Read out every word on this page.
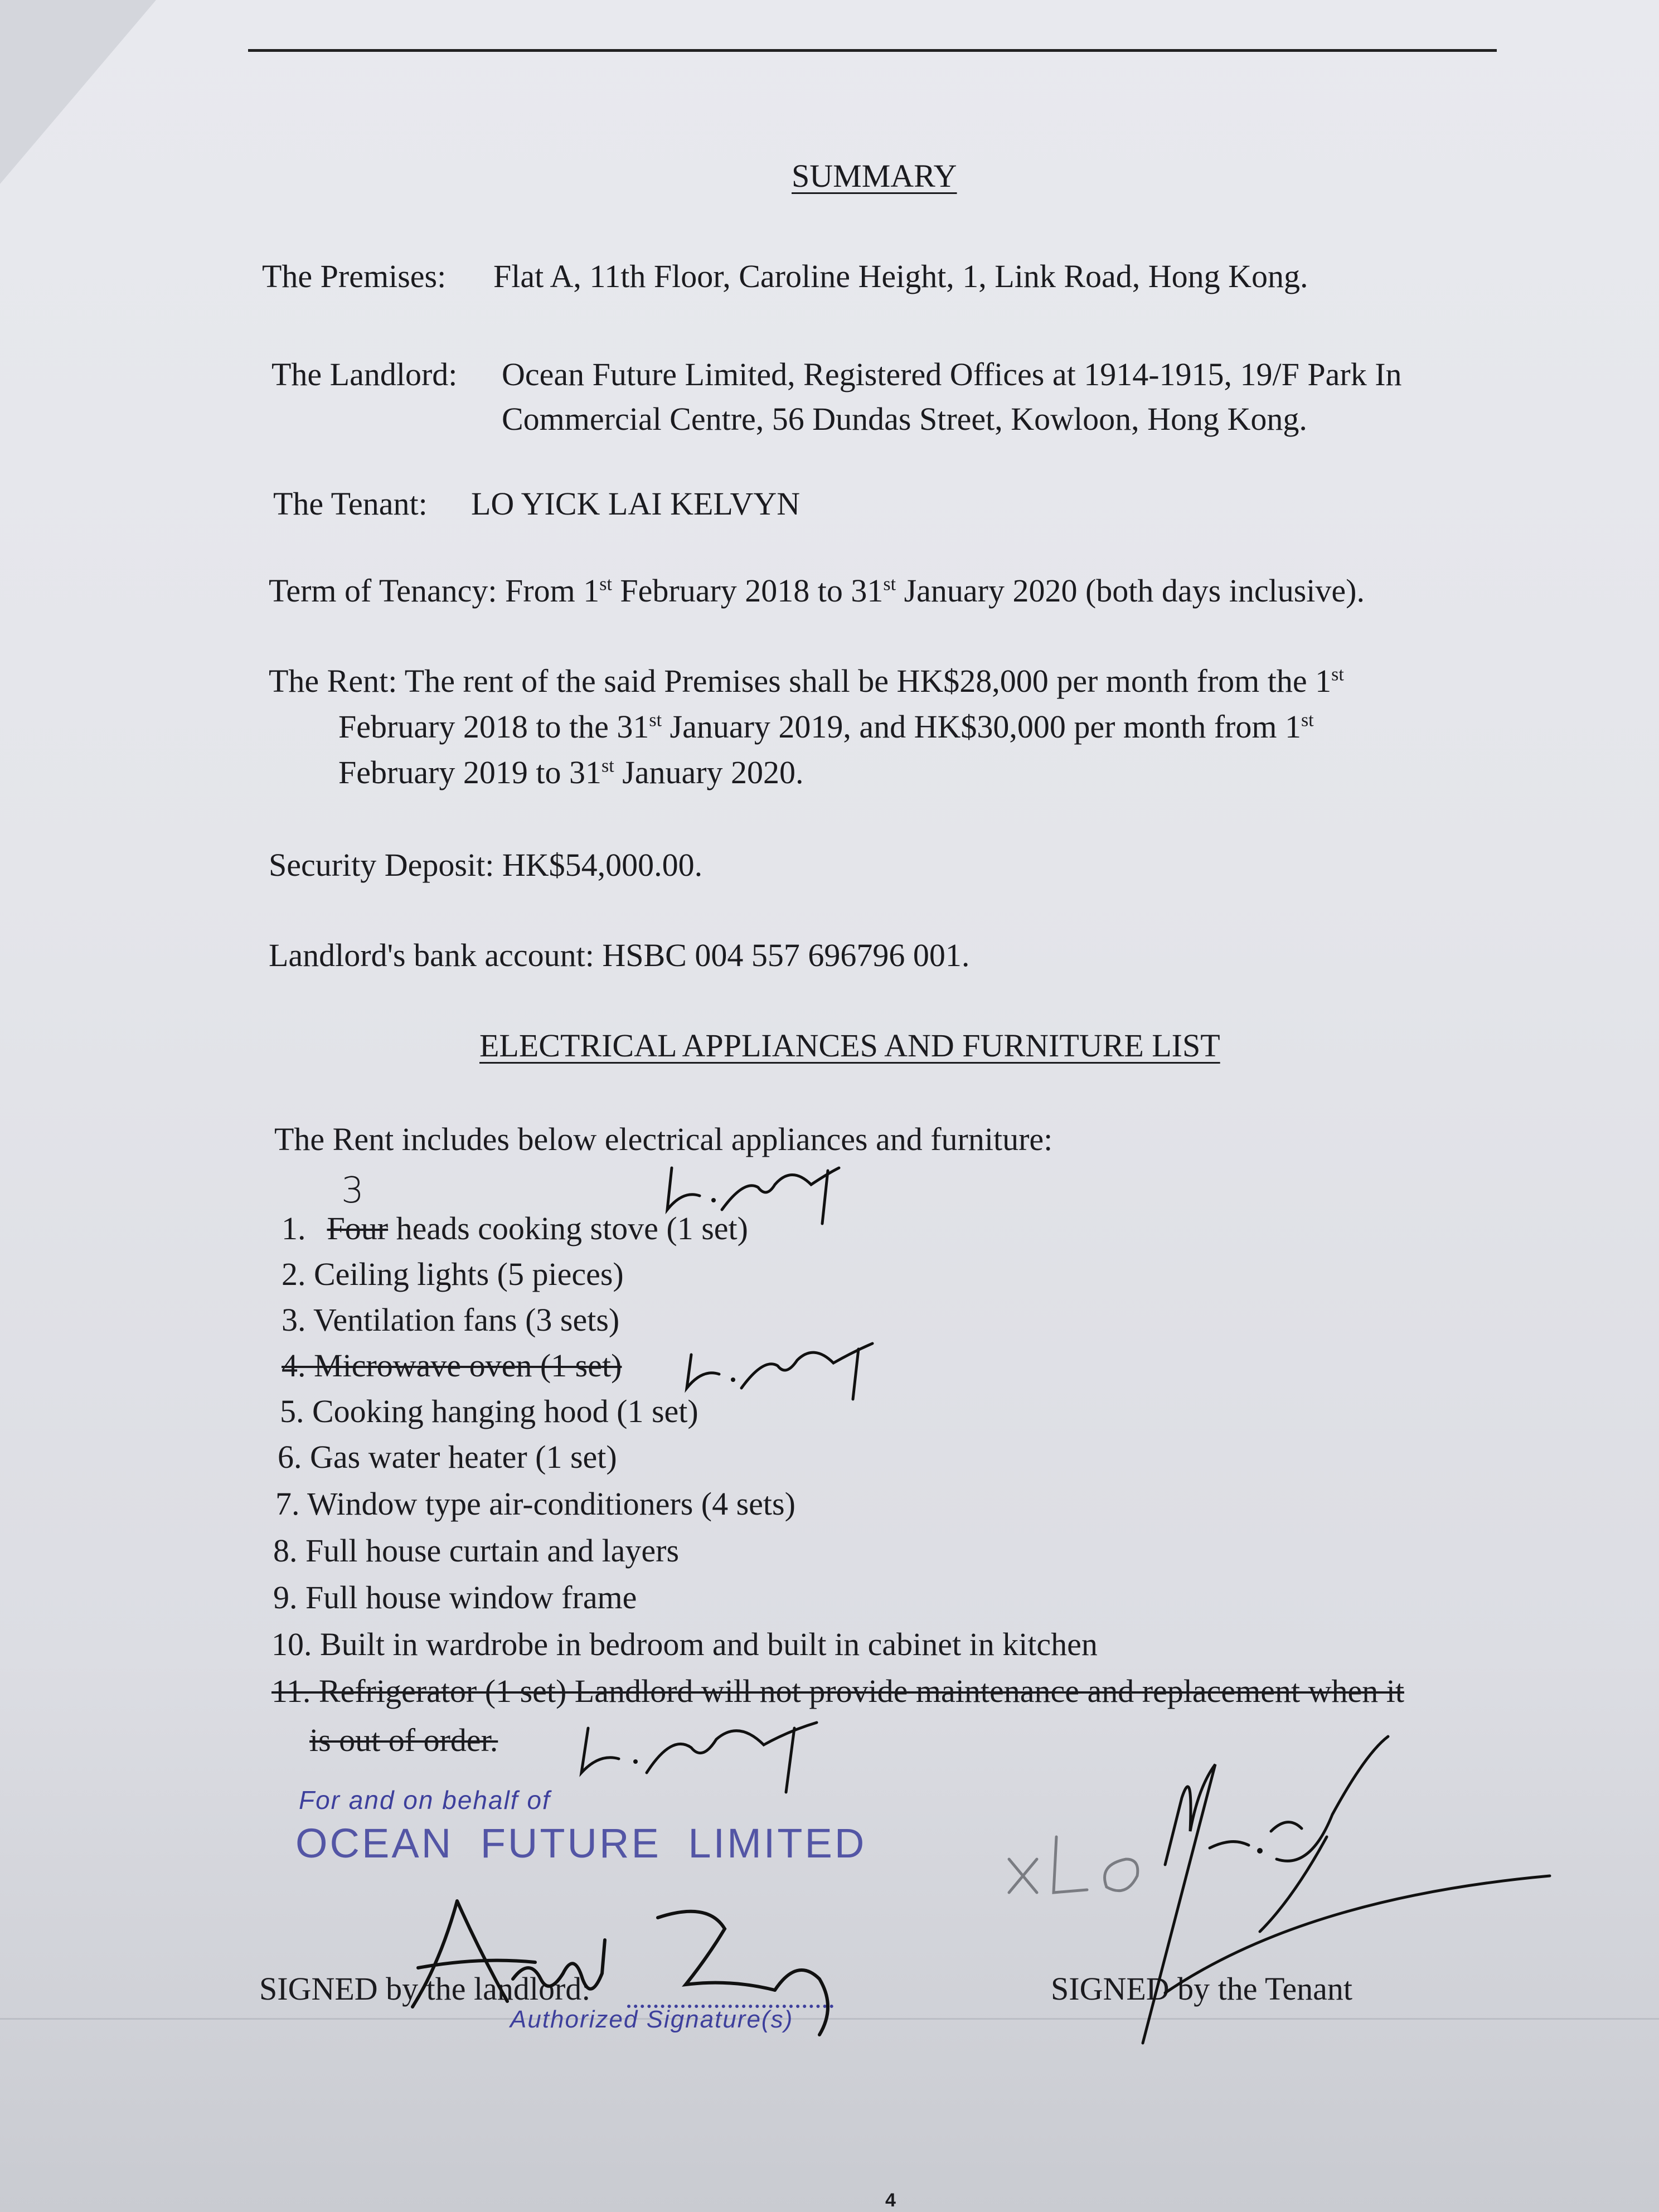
SUMMARY
The Premises: Flat A, 11th Floor, Caroline Height, 1, Link Road, Hong Kong.
The Landlord: Ocean Future Limited, Registered Offices at 1914-1915, 19/F Park In
Commercial Centre, 56 Dundas Street, Kowloon, Hong Kong.
The Tenant: LO YICK LAI KELVYN
Term of Tenancy: From 1st February 2018 to 31st January 2020 (both days inclusive).
The Rent: The rent of the said Premises shall be HK$28,000 per month from the 1st
February 2018 to the 31st January 2019, and HK$30,000 per month from 1st
February 2019 to 31st January 2020.
Security Deposit: HK$54,000.00.
Landlord's bank account: HSBC 004 557 696796 001.
ELECTRICAL APPLIANCES AND FURNITURE LIST
The Rent includes below electrical appliances and furniture:
1. Four heads cooking stove (1 set)
3
2. Ceiling lights (5 pieces)
3. Ventilation fans (3 sets)
4. Microwave oven (1 set)
5. Cooking hanging hood (1 set)
6. Gas water heater (1 set)
7. Window type air-conditioners (4 sets)
8. Full house curtain and layers
9. Full house window frame
10. Built in wardrobe in bedroom and built in cabinet in kitchen
11. Refrigerator (1 set) Landlord will not provide maintenance and replacement when it
is out of order.
For and on behalf of
OCEAN FUTURE LIMITED
Authorized Signature(s)
SIGNED by the landlord:	SIGNED by the Tenant
4
